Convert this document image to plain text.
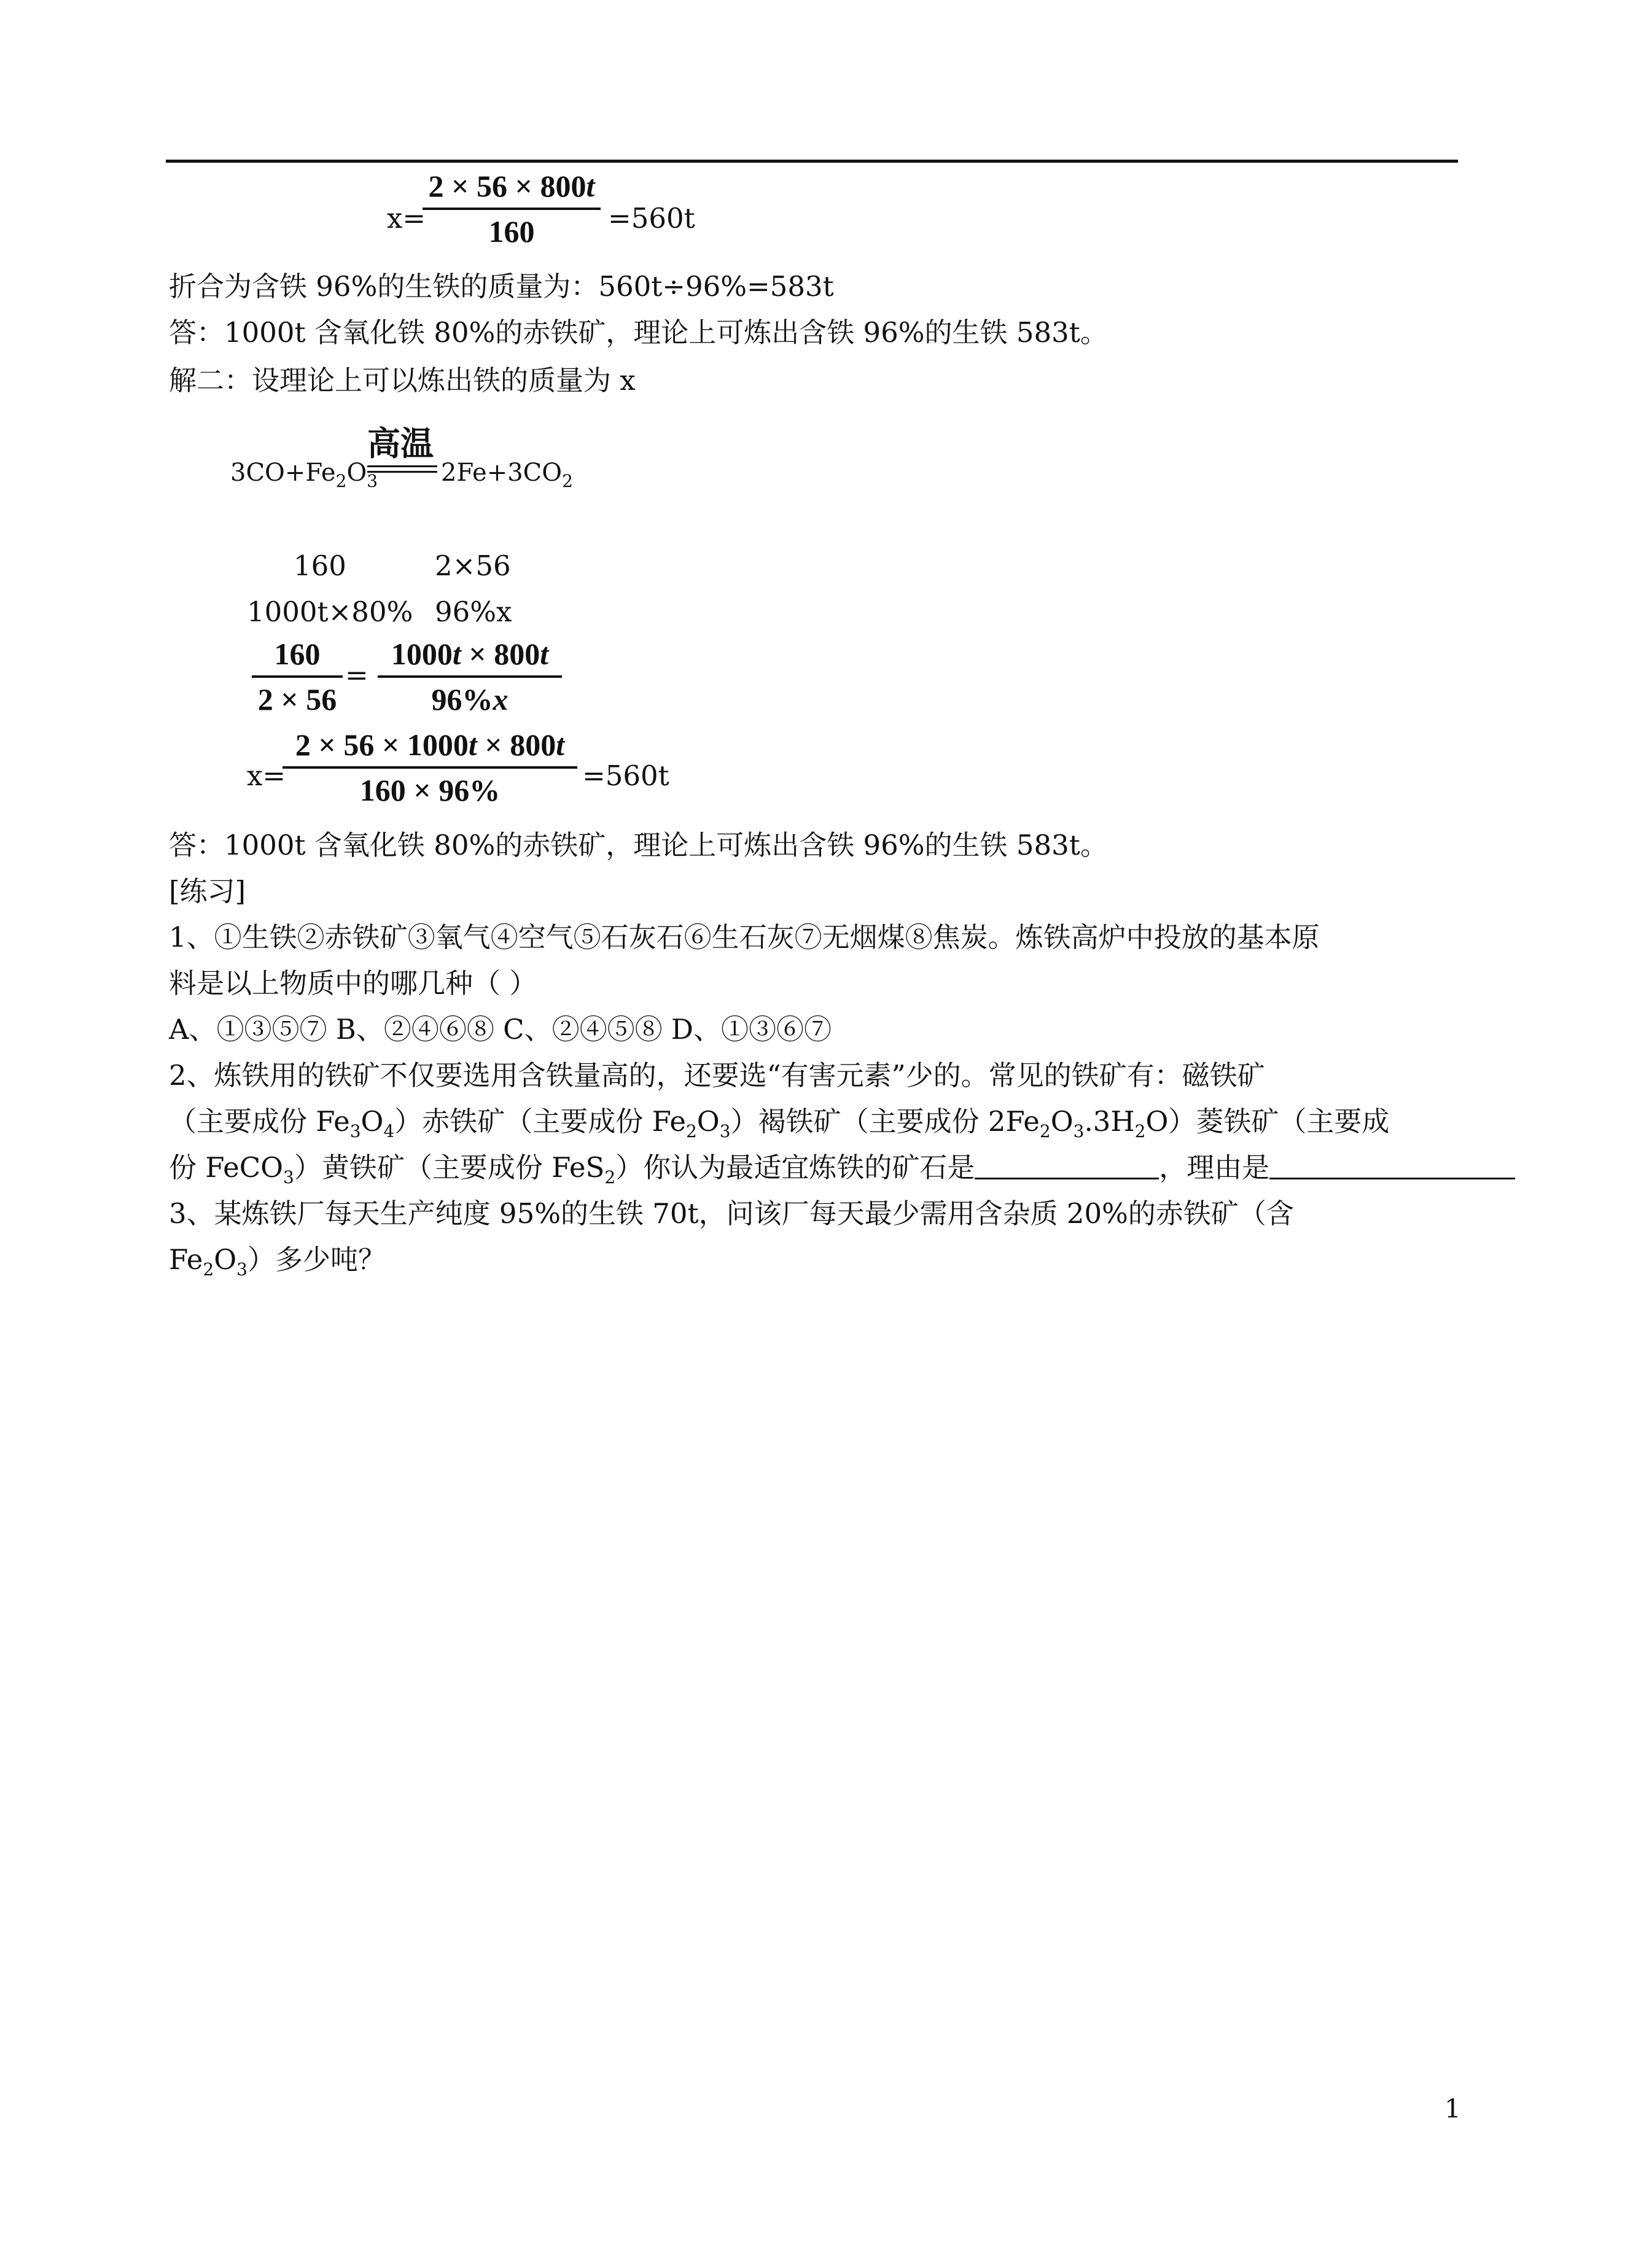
x=
$\frac{2 \times 56 \times 800t}{160} =560t$
折合为含铁 96%的生铁的质量为：560t÷96%=583t
答：1000t 含氧化铁 80%的赤铁矿，理论上可炼出含铁 96%的生铁 583t。
解二：设理论上可以炼出铁的质量为 x
高温
$3CO+Fe_2O_3$	$2Fe+3CO_2$
160	2×56
1000t×80% 96%x
$\frac{160}{2 \times 56} = \frac{1000t \times 800t}{96\%x}$
x=
$\frac{2 \times 56 \times 1000t \times 800t}{160 \times 96\%} =560t$
答：1000t 含氧化铁 80%的赤铁矿，理论上可炼出含铁 96%的生铁 583t。
[练习]
1、①生铁②赤铁矿③氧气④空气⑤石灰石⑥生石灰⑦无烟煤⑧焦炭。炼铁高炉中投放的基本原
料是以上物质中的哪几种（ ）
A、①③⑤⑦ B、②④⑥⑧ C、②④⑤⑧ D、①③⑥⑦
2、炼铁用的铁矿不仅要选用含铁量高的，还要选“有害元素”少的。常见的铁矿有：磁铁矿
（主要成份 $Fe_3O_4$）赤铁矿（主要成份 $Fe_2O_3$）褐铁矿（主要成份 $2Fe_2O_3.3H_2O$）菱铁矿（主要成
份 FeCO$_3$）黄铁矿（主要成份 FeS$_2$）你认为最适宜炼铁的矿石是	，理由是
3、某炼铁厂每天生产纯度 95%的生铁 70t，问该厂每天最少需用含杂质 20%的赤铁矿（含
$Fe_2O_3$）多少吨？
1
